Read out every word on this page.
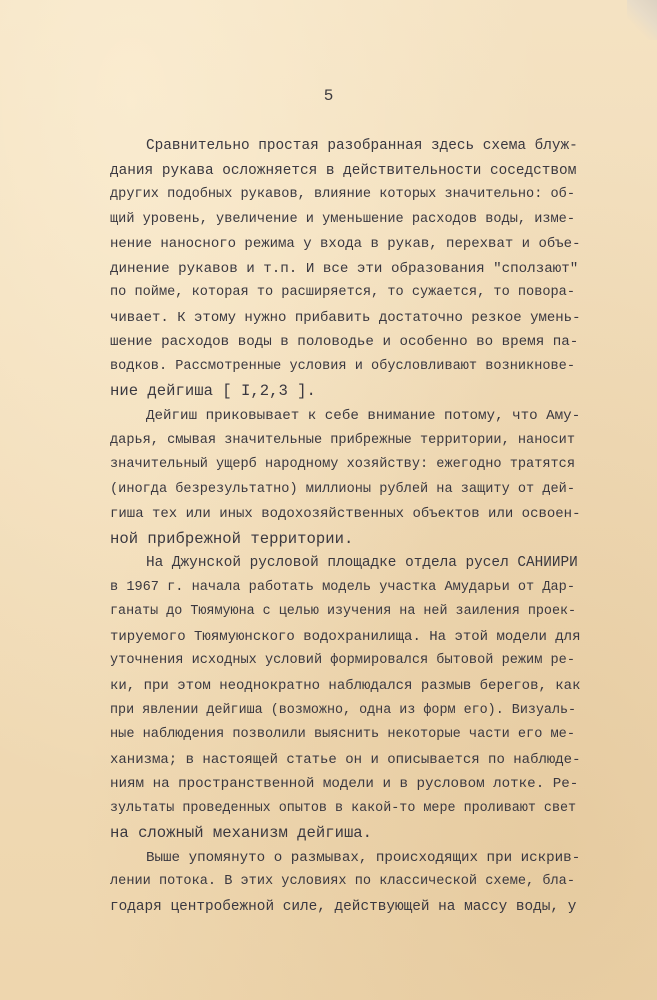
5
Сравнительно простая разобранная здесь схема блуж-
дания рукава осложняется в действительности соседством
других подобных рукавов, влияние которых значительно: об-
щий уровень, увеличение и уменьшение расходов воды, изме-
нение наносного режима у входа в рукав, перехват и объе-
динение рукавов и т.п. И все эти образования "сползают"
по пойме, которая то расширяется, то сужается, то повора-
чивает. К этому нужно прибавить достаточно резкое умень-
шение расходов воды в половодье и особенно во время па-
водков. Рассмотренные условия и обусловливают возникнове-
ние дейгиша [ I,2,3 ].
Дейгиш приковывает к себе внимание потому, что Аму-
дарья, смывая значительные прибрежные территории, наносит
значительный ущерб народному хозяйству: ежегодно тратятся
(иногда безрезультатно) миллионы рублей на защиту от дей-
гиша тех или иных водохозяйственных объектов или освоен-
ной прибрежной территории.
На Джунской русловой площадке отдела русел САНИИРИ
в 1967 г. начала работать модель участка Амударьи от Дар-
ганаты до Тюямуюна с целью изучения на ней заиления проек-
тируемого Тюямуюнского водохранилища. На этой модели для
уточнения исходных условий формировался бытовой режим ре-
ки, при этом неоднократно наблюдался размыв берегов, как
при явлении дейгиша (возможно, одна из форм его). Визуаль-
ные наблюдения позволили выяснить некоторые части его ме-
ханизма; в настоящей статье он и описывается по наблюде-
ниям на пространственной модели и в русловом лотке. Ре-
зультаты проведенных опытов в какой-то мере проливают свет
на сложный механизм дейгиша.
Выше упомянуто о размывах, происходящих при искрив-
лении потока. В этих условиях по классической схеме, бла-
годаря центробежной силе, действующей на массу воды, у
